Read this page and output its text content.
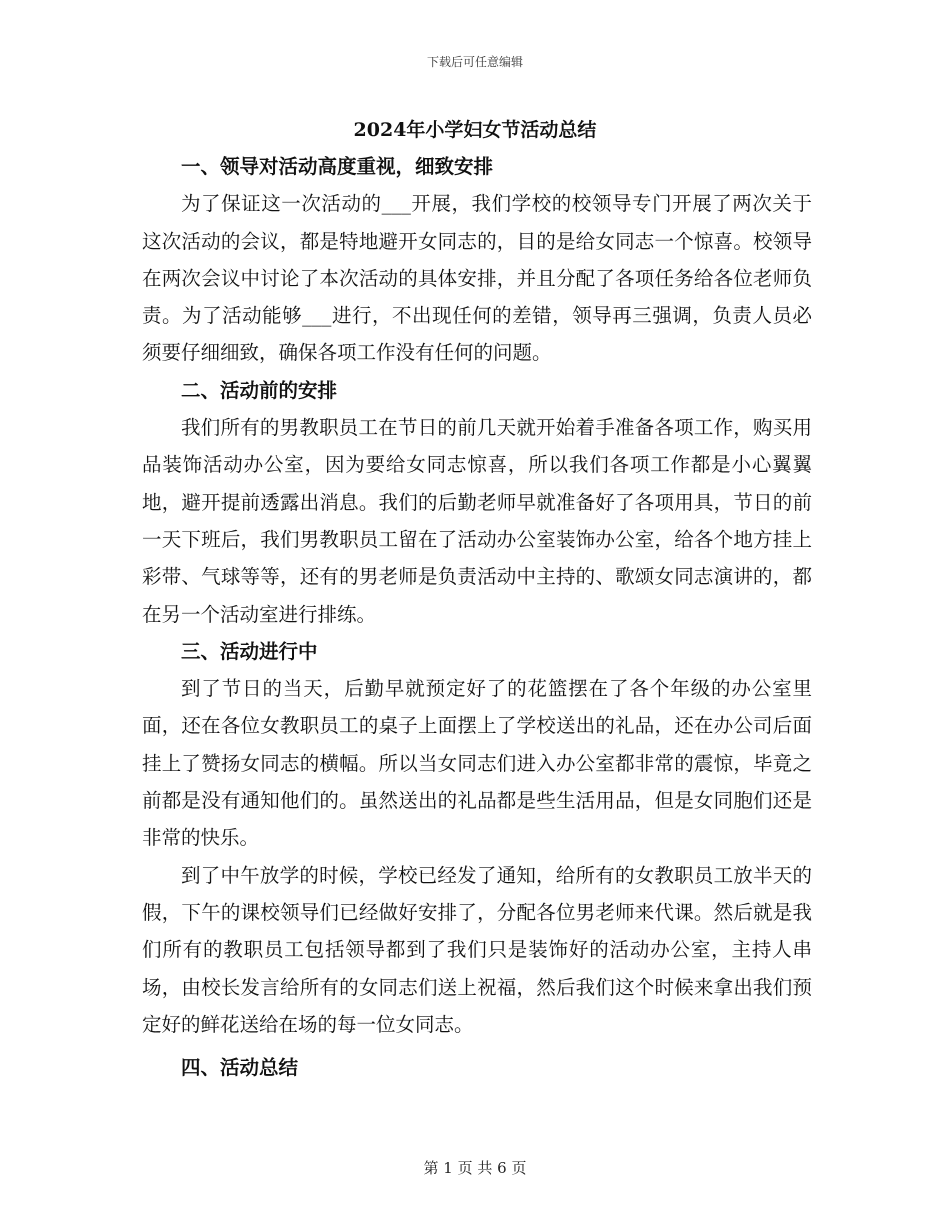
下载后可任意编辑
2024年小学妇女节活动总结
一、领导对活动高度重视，细致安排

为了保证这一次活动的___开展，我们学校的校领导专门开展了两次关于这次活动的会议，都是特地避开女同志的，目的是给女同志一个惊喜。校领导在两次会议中讨论了本次活动的具体安排，并且分配了各项任务给各位老师负责。为了活动能够___进行，不出现任何的差错，领导再三强调，负责人员必须要仔细细致，确保各项工作没有任何的问题。

二、活动前的安排

我们所有的男教职员工在节日的前几天就开始着手准备各项工作，购买用品装饰活动办公室，因为要给女同志惊喜，所以我们各项工作都是小心翼翼地，避开提前透露出消息。我们的后勤老师早就准备好了各项用具，节日的前一天下班后，我们男教职员工留在了活动办公室装饰办公室，给各个地方挂上彩带、气球等等，还有的男老师是负责活动中主持的、歌颂女同志演讲的，都在另一个活动室进行排练。

三、活动进行中

到了节日的当天，后勤早就预定好了的花篮摆在了各个年级的办公室里面，还在各位女教职员工的桌子上面摆上了学校送出的礼品，还在办公司后面挂上了赞扬女同志的横幅。所以当女同志们进入办公室都非常的震惊，毕竟之前都是没有通知他们的。虽然送出的礼品都是些生活用品，但是女同胞们还是非常的快乐。

到了中午放学的时候，学校已经发了通知，给所有的女教职员工放半天的假，下午的课校领导们已经做好安排了，分配各位男老师来代课。然后就是我们所有的教职员工包括领导都到了我们只是装饰好的活动办公室，主持人串场，由校长发言给所有的女同志们送上祝福，然后我们这个时候来拿出我们预定好的鲜花送给在场的每一位女同志。

四、活动总结
第 1 页 共 6 页
